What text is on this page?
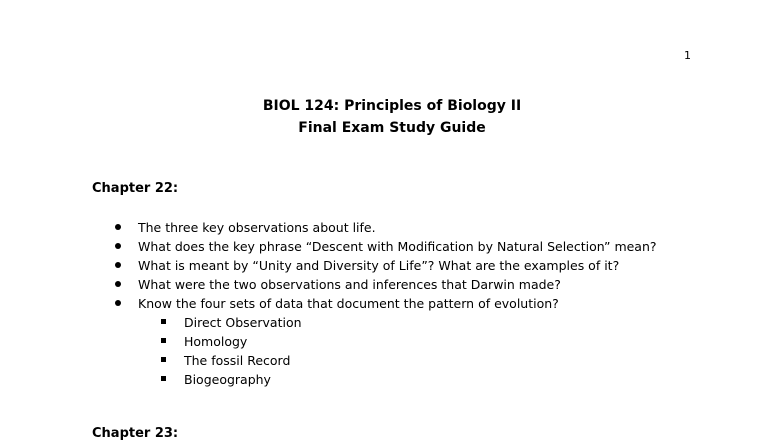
1
BIOL 124: Principles of Biology II
Final Exam Study Guide
Chapter 22:
The three key observations about life.
What does the key phrase “Descent with Modification by Natural Selection” mean?
What is meant by “Unity and Diversity of Life”? What are the examples of it?
What were the two observations and inferences that Darwin made?
Know the four sets of data that document the pattern of evolution?
Direct Observation
Homology
The fossil Record
Biogeography
Chapter 23:
